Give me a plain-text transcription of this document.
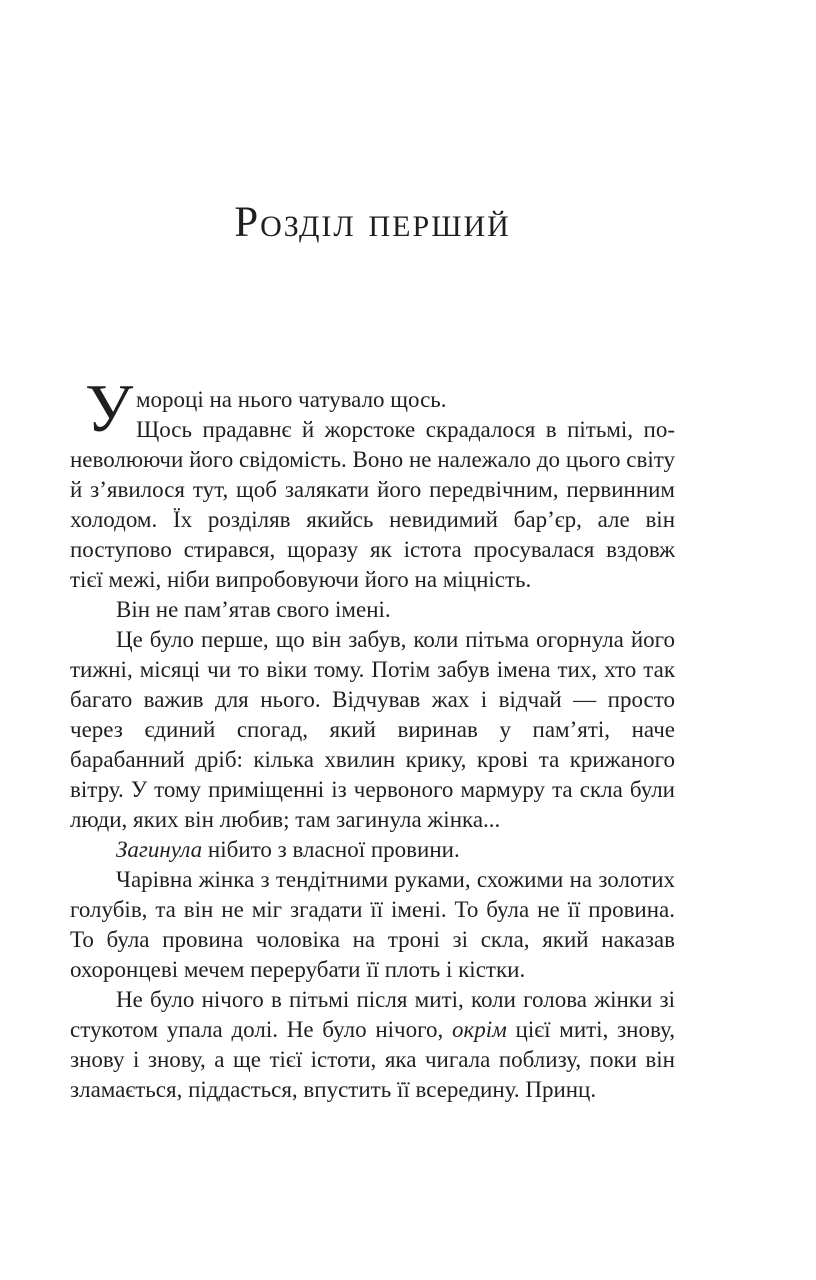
Розділ перший
У мороці на нього чатувало щось.

Щось прадавнє й жорстоке скрадалося в пітьмі, поневолюючи його свідомість. Воно не належало до цього світу й з’явилося тут, щоб залякати його передвічним, первинним холодом. Їх розділяв якийсь невидимий бар’єр, але він поступово стирався, щоразу як істота просувалася вздовж тієї межі, ніби випробовуючи його на міцність.

Він не пам’ятав свого імені.

Це було перше, що він забув, коли пітьма огорнула його тижні, місяці чи то віки тому. Потім забув імена тих, хто так багато важив для нього. Відчував жах і відчай — просто через єдиний спогад, який виринав у пам’яті, наче барабанний дріб: кілька хвилин крику, крові та крижаного вітру. У тому приміщенні із червоного мармуру та скла були люди, яких він любив; там загинула жінка...

Загинула нібито з власної провини.

Чарівна жінка з тендітними руками, схожими на золотих голубів, та він не міг згадати її імені. То була не її провина. То була провина чоловіка на троні зі скла, який наказав охоронцеві мечем перерубати її плоть і кістки.

Не було нічого в пітьмі після миті, коли голова жінки зі стукотом упала долі. Не було нічого, окрім цієї миті, знову, знову і знову, а ще тієї істоти, яка чигала поблизу, поки він зламається, піддасться, впустить її всередину. Принц.
